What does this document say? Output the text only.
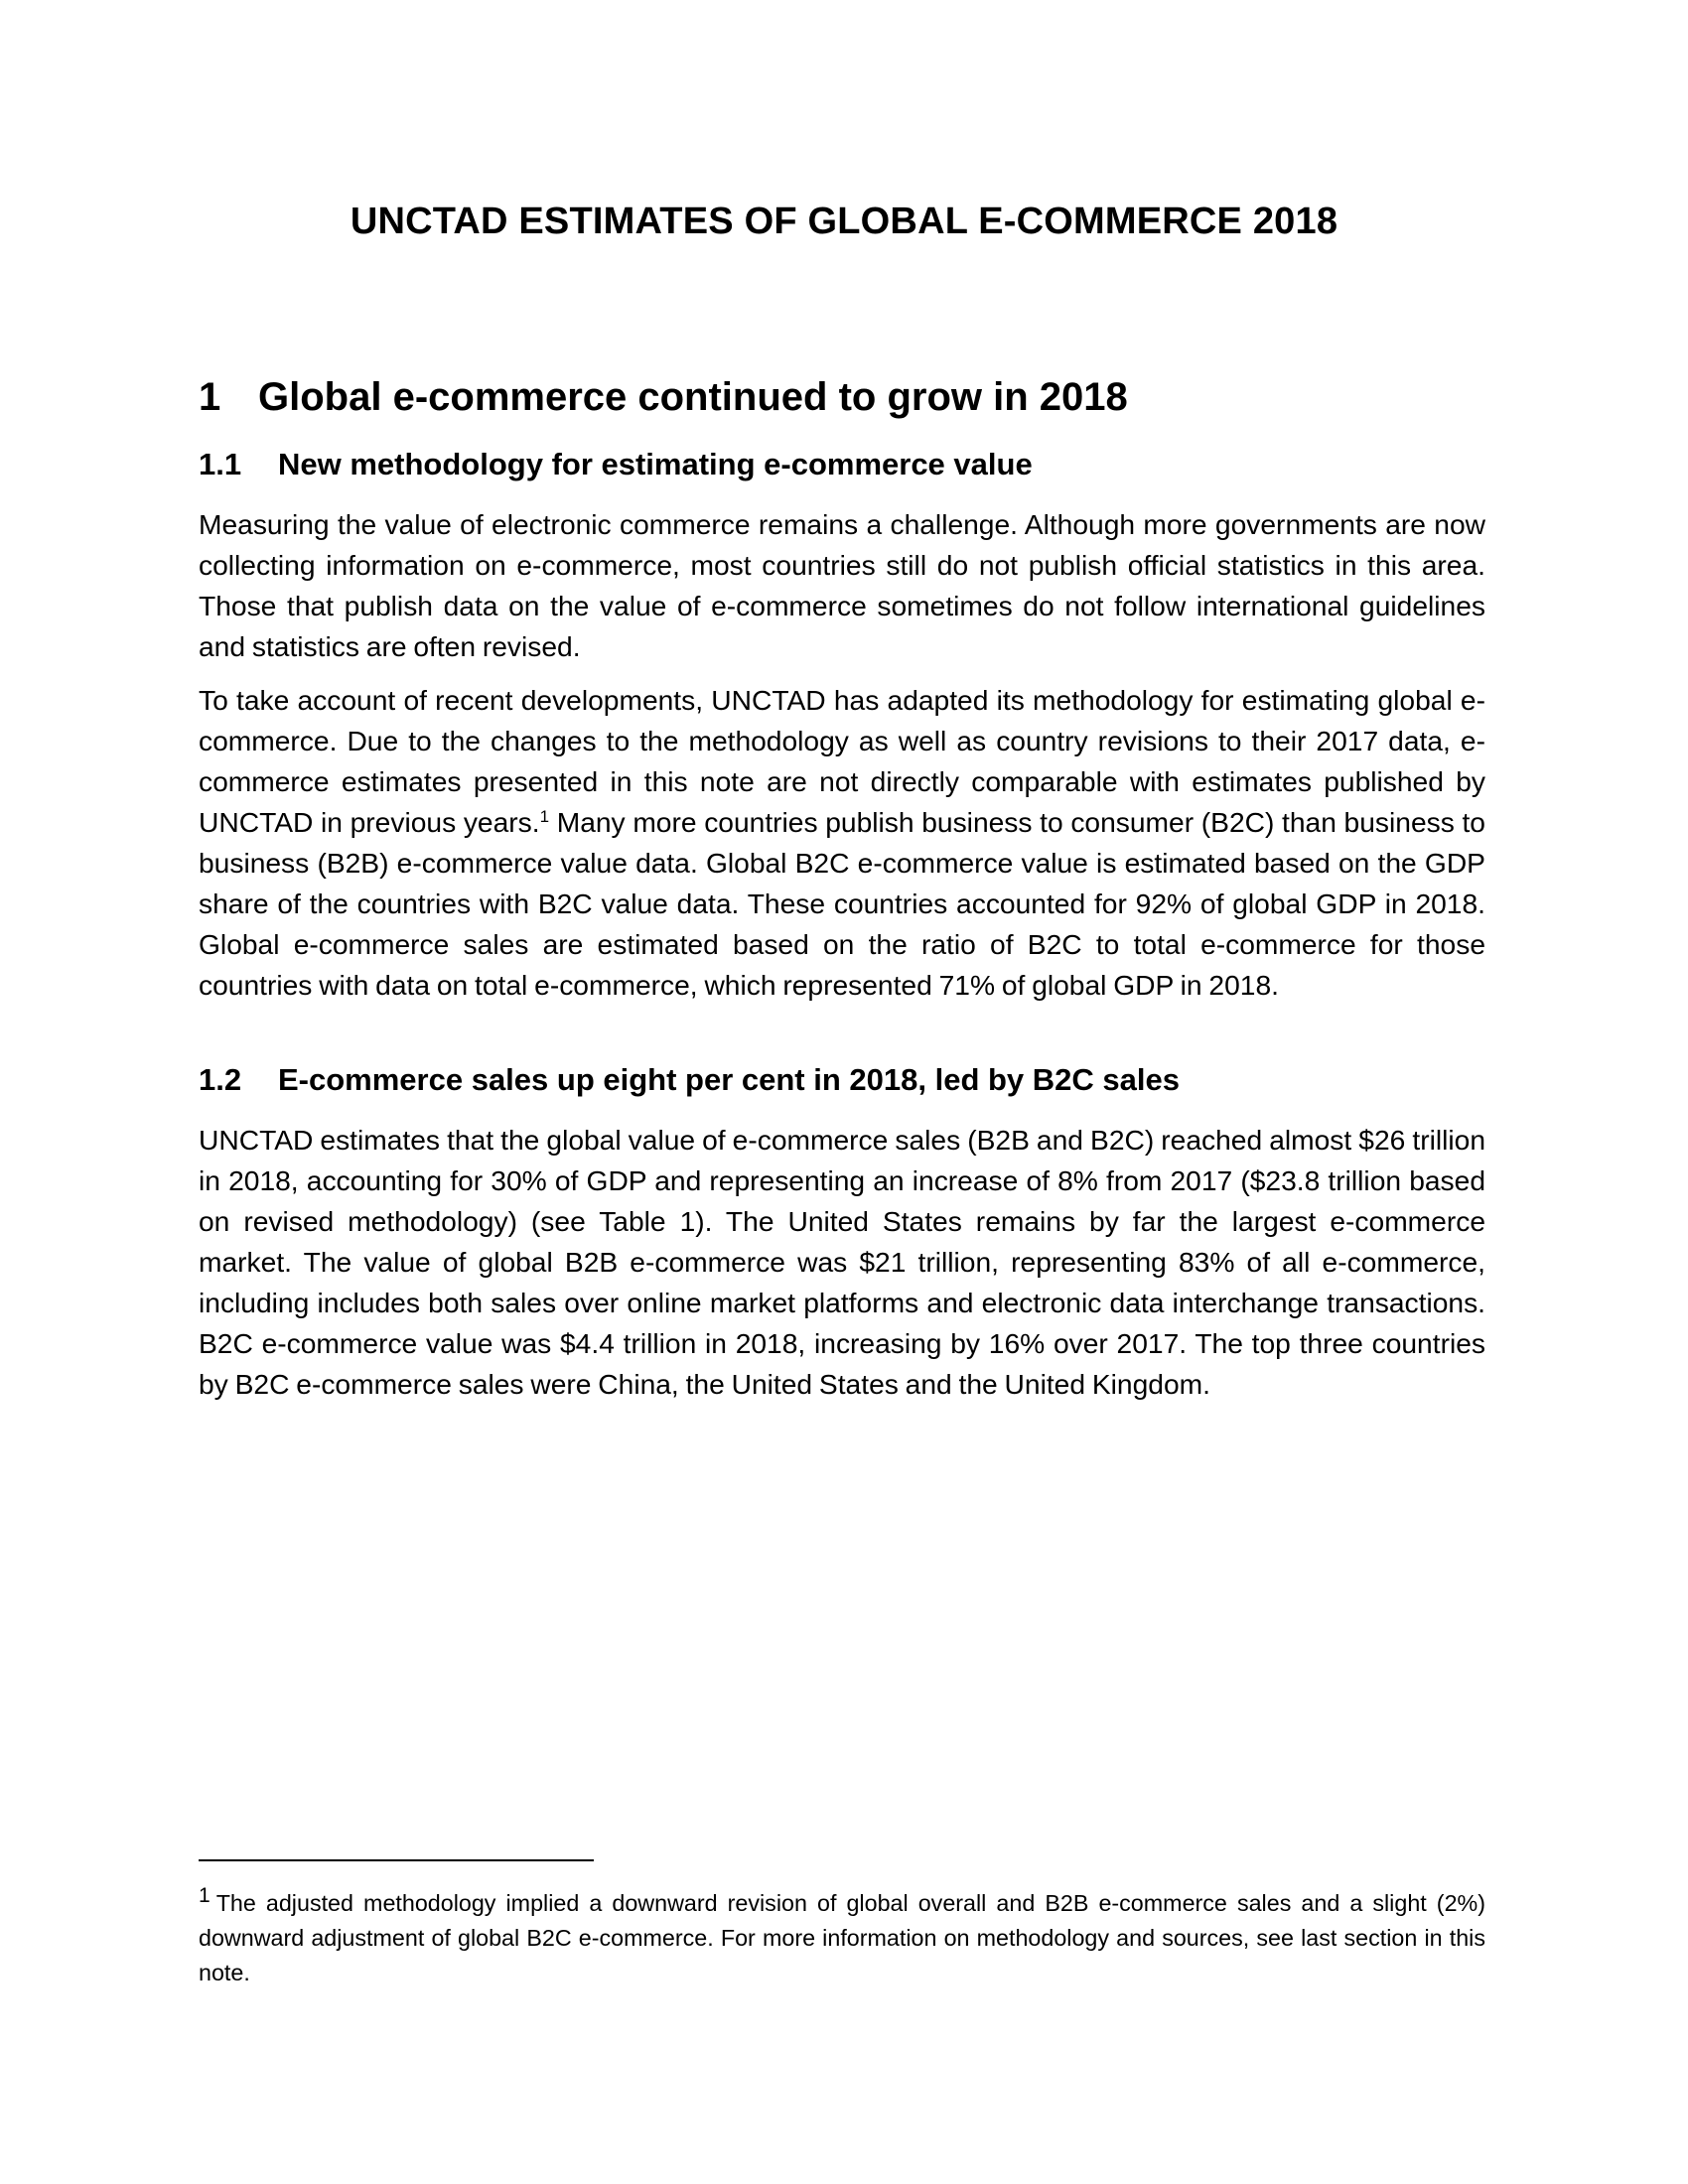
UNCTAD ESTIMATES OF GLOBAL E-COMMERCE 2018
1 Global e-commerce continued to grow in 2018
1.1 New methodology for estimating e-commerce value

Measuring the value of electronic commerce remains a challenge. Although more governments are now collecting information on e-commerce, most countries still do not publish official statistics in this area. Those that publish data on the value of e-commerce sometimes do not follow international guidelines and statistics are often revised.

To take account of recent developments, UNCTAD has adapted its methodology for estimating global e-commerce. Due to the changes to the methodology as well as country revisions to their 2017 data, e-commerce estimates presented in this note are not directly comparable with estimates published by UNCTAD in previous years.$^1$ Many more countries publish business to consumer (B2C) than business to business (B2B) e-commerce value data. Global B2C e-commerce value is estimated based on the GDP share of the countries with B2C value data. These countries accounted for 92% of global GDP in 2018. Global e-commerce sales are estimated based on the ratio of B2C to total e-commerce for those countries with data on total e-commerce, which represented 71% of global GDP in 2018.

1.2 E-commerce sales up eight per cent in 2018, led by B2C sales

UNCTAD estimates that the global value of e-commerce sales (B2B and B2C) reached almost $26 trillion in 2018, accounting for 30% of GDP and representing an increase of 8% from 2017 ($23.8 trillion based on revised methodology) (see Table 1). The United States remains by far the largest e-commerce market. The value of global B2B e-commerce was $21 trillion, representing 83% of all e-commerce, including includes both sales over online market platforms and electronic data interchange transactions. B2C e-commerce value was $4.4 trillion in 2018, increasing by 16% over 2017. The top three countries by B2C e-commerce sales were China, the United States and the United Kingdom.

$^1$ The adjusted methodology implied a downward revision of global overall and B2B e-commerce sales and a slight (2%) downward adjustment of global B2C e-commerce. For more information on methodology and sources, see last section in this note.
